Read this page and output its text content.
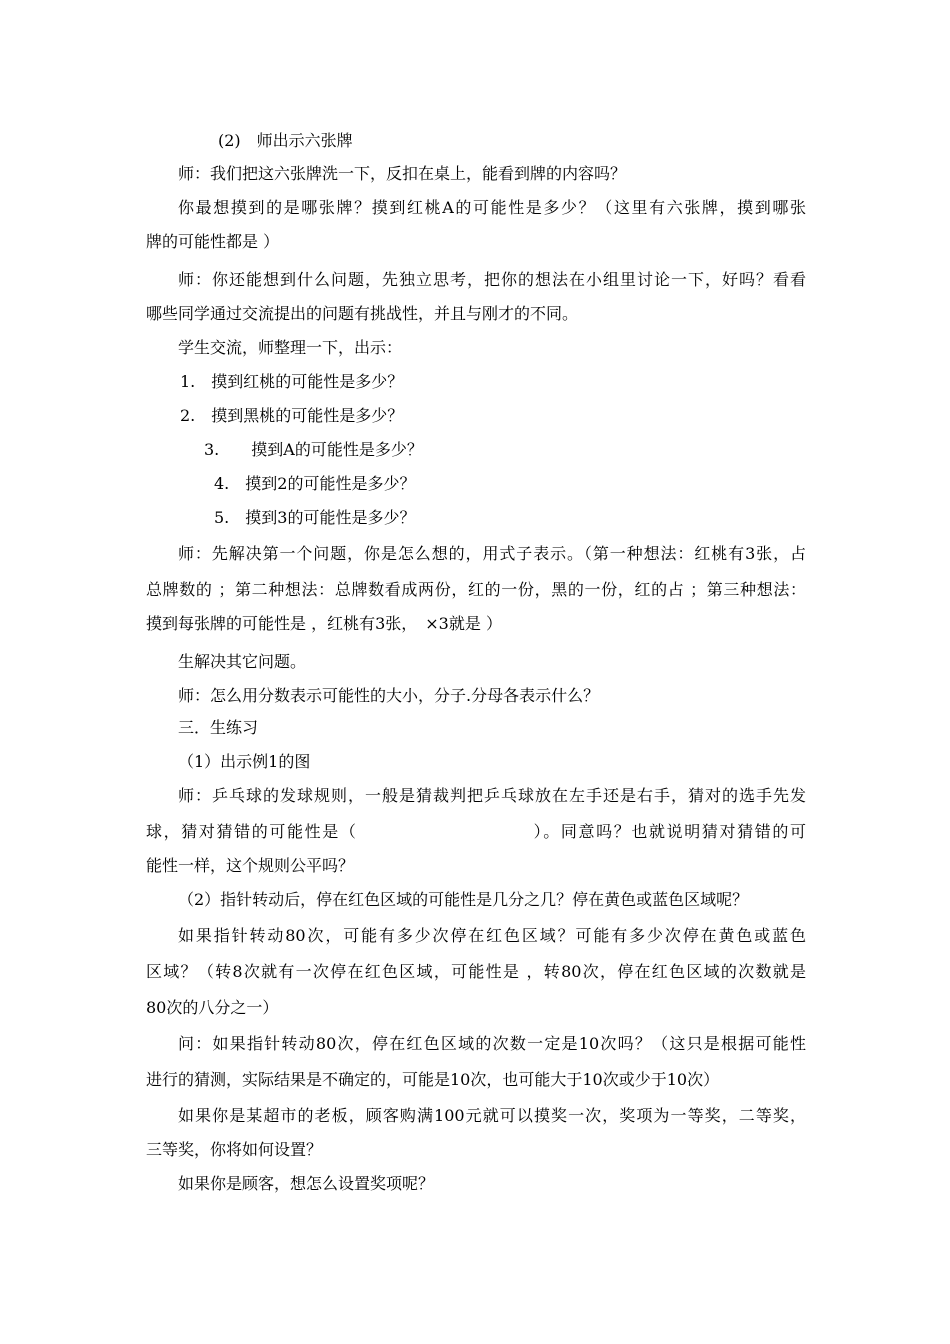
(2)　师出示六张牌
师：我们把这六张牌洗一下，反扣在桌上，能看到牌的内容吗？
你最想摸到的是哪张牌？摸到红桃A的可能性是多少？（这里有六张牌，摸到哪张
牌的可能性都是 ）
师：你还能想到什么问题，先独立思考，把你的想法在小组里讨论一下，好吗？看看
哪些同学通过交流提出的问题有挑战性，并且与刚才的不同。
学生交流，师整理一下，出示：
1.　摸到红桃的可能性是多少？
2.　摸到黑桃的可能性是多少？
3.　　摸到A的可能性是多少？
4.　摸到2的可能性是多少？
5.　摸到3的可能性是多少？
师：先解决第一个问题，你是怎么想的，用式子表示。（第一种想法：红桃有3张，占
总牌数的 ；第二种想法：总牌数看成两份，红的一份，黑的一份，红的占 ；第三种想法：
摸到每张牌的可能性是 ，红桃有3张，　×3就是 ）
生解决其它问题。
师：怎么用分数表示可能性的大小，分子.分母各表示什么？
三．生练习
（1）出示例1的图
师：乒乓球的发球规则，一般是猜裁判把乒乓球放在左手还是右手，猜对的选手先发
球，猜对猜错的可能性是（　　　　　　　　　　）。同意吗？也就说明猜对猜错的可
能性一样，这个规则公平吗？
（2）指针转动后，停在红色区域的可能性是几分之几？停在黄色或蓝色区域呢？
如果指针转动80次，可能有多少次停在红色区域？可能有多少次停在黄色或蓝色
区域？（转8次就有一次停在红色区域，可能性是 ，转80次，停在红色区域的次数就是
80次的八分之一）
问：如果指针转动80次，停在红色区域的次数一定是10次吗？（这只是根据可能性
进行的猜测，实际结果是不确定的，可能是10次，也可能大于10次或少于10次）
如果你是某超市的老板，顾客购满100元就可以摸奖一次，奖项为一等奖，二等奖，
三等奖，你将如何设置？
如果你是顾客，想怎么设置奖项呢？
